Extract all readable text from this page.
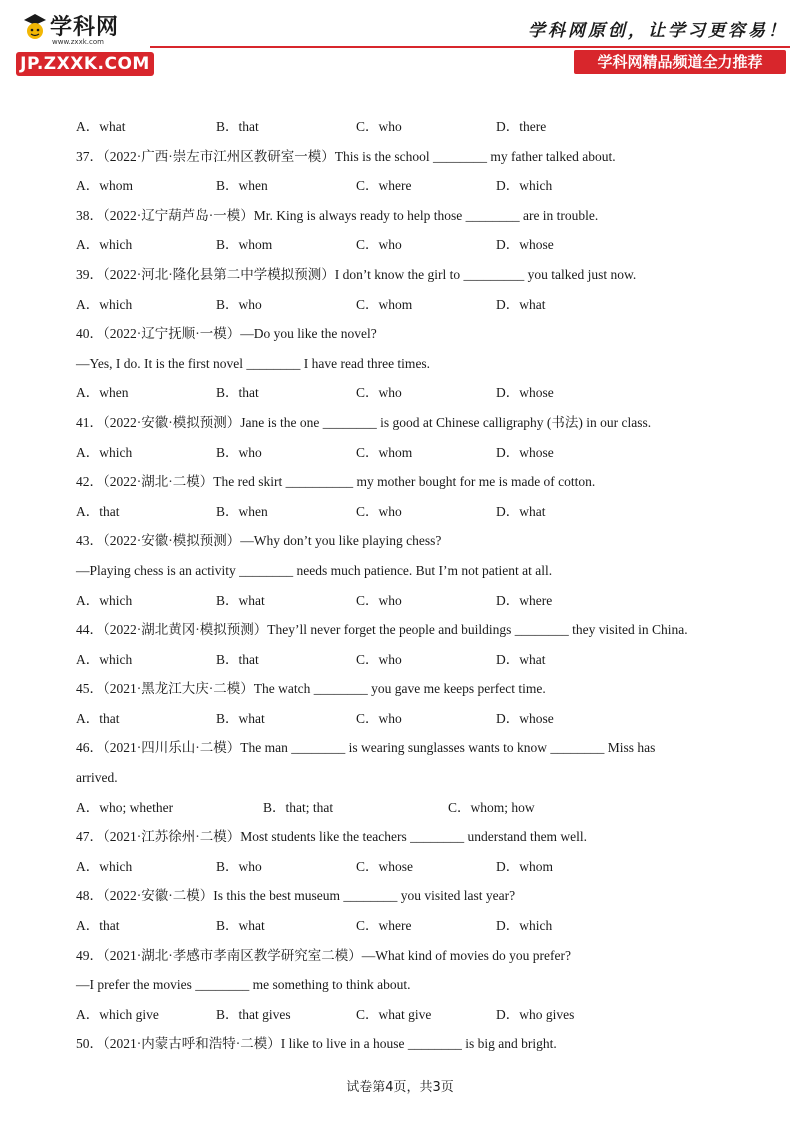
学科网
www.zxxk.com
JP.ZXXK.COM
学科网原创，让学习更容易！
学科网精品频道全力推荐
A．what	B．that	C．who	D．there
37．（2022·广西·崇左市江州区教研室一模）This is the school ________ my father talked about.
A．whom	B．when	C．where	D．which
38．（2022·辽宁葫芦岛·一模）Mr. King is always ready to help those ________ are in trouble.
A．which	B．whom	C．who	D．whose
39．（2022·河北·隆化县第二中学模拟预测）I don’t know the girl to _________ you talked just now.
A．which	B．who	C．whom	D．what
40．（2022·辽宁抚顺·一模）—Do you like the novel?
—Yes, I do. It is the first novel ________ I have read three times.
A．when	B．that	C．who	D．whose
41．（2022·安徽·模拟预测）Jane is the one ________ is good at Chinese calligraphy (书法) in our class.
A．which	B．who	C．whom	D．whose
42．（2022·湖北·二模）The red skirt __________ my mother bought for me is made of cotton.
A．that	B．when	C．who	D．what
43．（2022·安徽·模拟预测）—Why don’t you like playing chess?
—Playing chess is an activity ________ needs much patience. But I’m not patient at all.
A．which	B．what	C．who	D．where
44．（2022·湖北黄冈·模拟预测）They’ll never forget the people and buildings ________ they visited in China.
A．which	B．that	C．who	D．what
45．（2021·黑龙江大庆·二模）The watch ________ you gave me keeps perfect time.
A．that	B．what	C．who	D．whose
46．（2021·四川乐山·二模）The man ________ is wearing sunglasses wants to know ________ Miss has
arrived.
A．who; whether	B．that; that	C．whom; how
47．（2021·江苏徐州·二模）Most students like the teachers ________ understand them well.
A．which	B．who	C．whose	D．whom
48．（2022·安徽·二模）Is this the best museum ________ you visited last year?
A．that	B．what	C．where	D．which
49．（2021·湖北·孝感市孝南区教学研究室二模）—What kind of movies do you prefer?
—I prefer the movies ________ me something to think about.
A．which give	B．that gives	C．what give	D．who gives
50．（2021·内蒙古呼和浩特·二模）I like to live in a house ________ is big and bright.
试卷第4页，共3页
